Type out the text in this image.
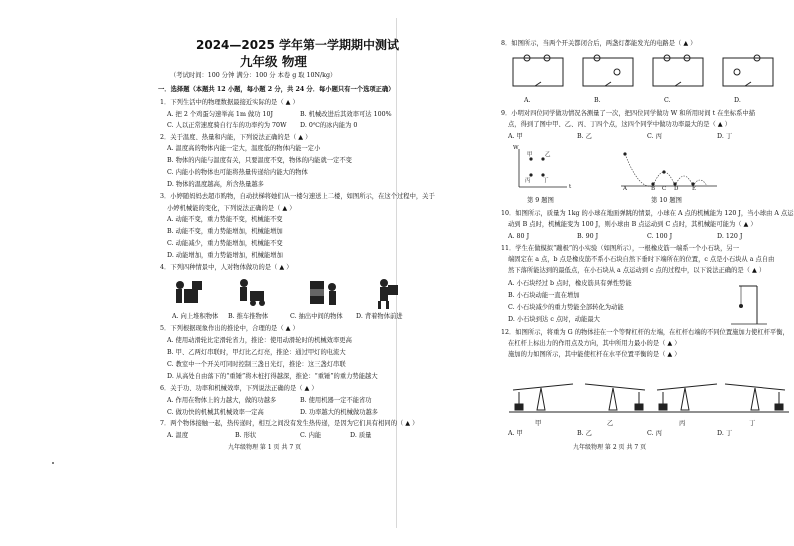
2024—2025 学年第一学期期中测试
九年级 物理
（考试时间：100 分钟 满分：100 分 本卷 g 取 10N/kg）
一．选择题（本题共 12 小题，每小题 2 分，共 24 分．每小题只有一个选项正确）
1．下列生活中的物理数据最接近实际的是（ ▲ ）
A. 把 2 个鸡蛋匀速举高 1m 做功 10J	B. 机械改进后其效率可达 100%
C. 人以正常速度骑自行车的功率约为 70W D. 0℃的冰内能为 0
2．关于温度、热量和内能，下列说法正确的是（ ▲ ）
A. 温度高的物体内能一定大，温度低的物体内能一定小
B. 物体的内能与温度有关，只要温度不变，物体的内能就一定不变
C. 内能小的物体也可能将热量传递给内能大的物体
D. 物体的温度越高，所含热量越多
3．小婷随妈妈去超市购物，自动扶梯将她们从一楼匀速送上二楼，如图所示，在这个过程中，关于
小婷机械能的变化，下列说法正确的是（ ▲ ）
A. 动能不变，重力势能不变，机械能不变
B. 动能不变，重力势能增加，机械能增加
C. 动能减少，重力势能增加，机械能不变
D. 动能增加，重力势能增加，机械能增加
4．下列四种情景中，人对物体做功的是（ ▲ ）
A. 向上堆积物体 B. 推车推物体	C. 抽出中间的物体 D. 背着物体前进
5．下列根据现象作出的推论中，合理的是（ ▲ ）
A. 使用动滑轮比定滑轮省力，推论：使用动滑轮时的机械效率更高
B. 甲、乙两灯串联时，甲灯比乙灯亮，推论：通过甲灯的电流大
C. 教室中一个开关可同时控制三盏日光灯，推论：这三盏灯串联
D. 从高处自由落下的“重锤”将木桩打得越深，推论：“重锤”的重力势能越大
6．关于功、功率和机械效率，下列说法正确的是（ ▲ ）
A. 作用在物体上的力越大，做的功越多	B. 使用机器一定不能省功
C. 做功快的机械其机械效率一定高	D. 功率越大的机械做功越多
7．两个物体接触一起，热传递时，相互之间没有发生热传递，是因为它们具有相同的（ ▲ ）
A. 温度	B. 形状	C. 内能	D. 质量
九年级物理 第 1 页 共 7 页
8．如图所示，当两个开关都闭合后，两盏灯都能发光的电路是（ ▲ ）
A.	B.	C.	D.
9．小明对四位同学做功情况各测量了一次，把四位同学做功 W 和所用时间 t 在坐标系中描
点，得到了图中甲、乙、丙、丁四个点，这四个同学中做功功率最大的是（ ▲ ）
A. 甲	B. 乙	C. 丙	D. 丁
W
t
甲 乙
丙 丁
第 9 题图
A	B C D E
第 10 题图
10．如图所示，质量为 1kg 的小球在地面弹跳的情景，小球在 A 点的机械能为 120 J，当小球由 A 点运
动到 B 点时，机械能变为 100 J，则小球由 B 点运动到 C 点时，其机械能可能为（ ▲ ）
A. 80 J	B. 90 J	C. 100 J	D. 120 J
11．学生在做模拟“蹦极”的小实验（如图所示），一根橡皮筋一端系一个小石块，另一
端固定在 a 点，b 点是橡皮筋不系小石块自然下垂时下端所在的位置，c 点是小石块从 a 点自由
然下落所能达到的最低点，在小石块从 a 点运动到 c 点的过程中，以下说法正确的是（ ▲ ）
A. 小石块经过 b 点时，橡皮筋具有弹性势能
B. 小石块动能一直在增加
C. 小石块减少的重力势能全部转化为动能
D. 小石块到达 c 点时，动能最大
12．如图所示，将重为 G 的物体挂在一个等臂杠杆的左端，在杠杆右端的不同位置施加力使杠杆平衡，
在杠杆上标出力的作用点及方向，其中所用力最小的是（ ▲ ）
施加的力如图所示，其中能使杠杆在水平位置平衡的是（ ▲ ）
甲	乙	丙	丁
A. 甲	B. 乙	C. 丙	D. 丁
九年级物理 第 2 页 共 7 页
